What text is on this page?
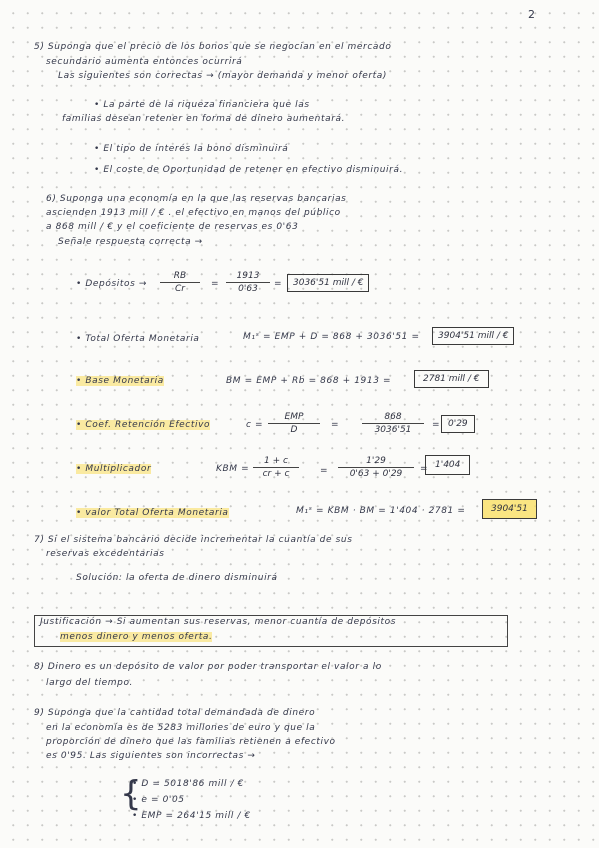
2
5) Suponga que el precio de los bonos que se negocian en el mercado
secundario aumenta entonces ocurrirá
Las siguientes son correctas → (mayor demanda y menor oferta)
• La parte de la riqueza financiera que las
familias desean retener en forma de dinero aumentará.
• El tipo de interés la bono disminuirá
• El coste de Oportunidad de retener en efectivo disminuirá.
6) Suponga una economía en la que las reservas bancarias
ascienden 1913 mill / € . el efectivo en manos del público
a 868 mill / € y el coeficiente de reservas es 0'63
Señale respuesta correcta →
• Depósitos → $\frac{RB}{Cr} = \frac{1913}{0'63}$ =	3036'51 mill / €
• Total Oferta Monetaria	M₁ˢ = EMP + D = 868 + 3036'51 =	3904'51 mill / €
• Base Monetaria	BM = EMP + Rb = 868 + 1913 =	2781 mill / €
• Coef. Retención Efectivo	c =
EMP
D	=	$\frac{868}{3036'51} = 0'29$
• Multiplicador	KBM = $\frac{1 + c}{cr + c} = \frac{1'29}{0'63 + 0'29} = 1'404$
• valor Total Oferta Monetaria	M₁ˢ = KBM · BM = 1'404 · 2781 =	3904'51
7) Si el sistema bancario decide incrementar la cuantía de sus
reservas excedentarias
Solución: la oferta de dinero disminuirá
Justificación → Si aumentan sus reservas, menor cuantía de depósitos
menos dinero y menos oferta.
8) Dinero es un depósito de valor por poder transportar el valor a lo
largo del tiempo.
9) Suponga que la cantidad total demandada de dinero
en la economía es de 5283 millones de euro y que la
proporción de dinero que las familias retienen a efectivo
es 0'95. Las siguientes son incorrectas →
{
• D = 5018'86 mill / €
• e = 0'05
• EMP = 264'15 mill / €
